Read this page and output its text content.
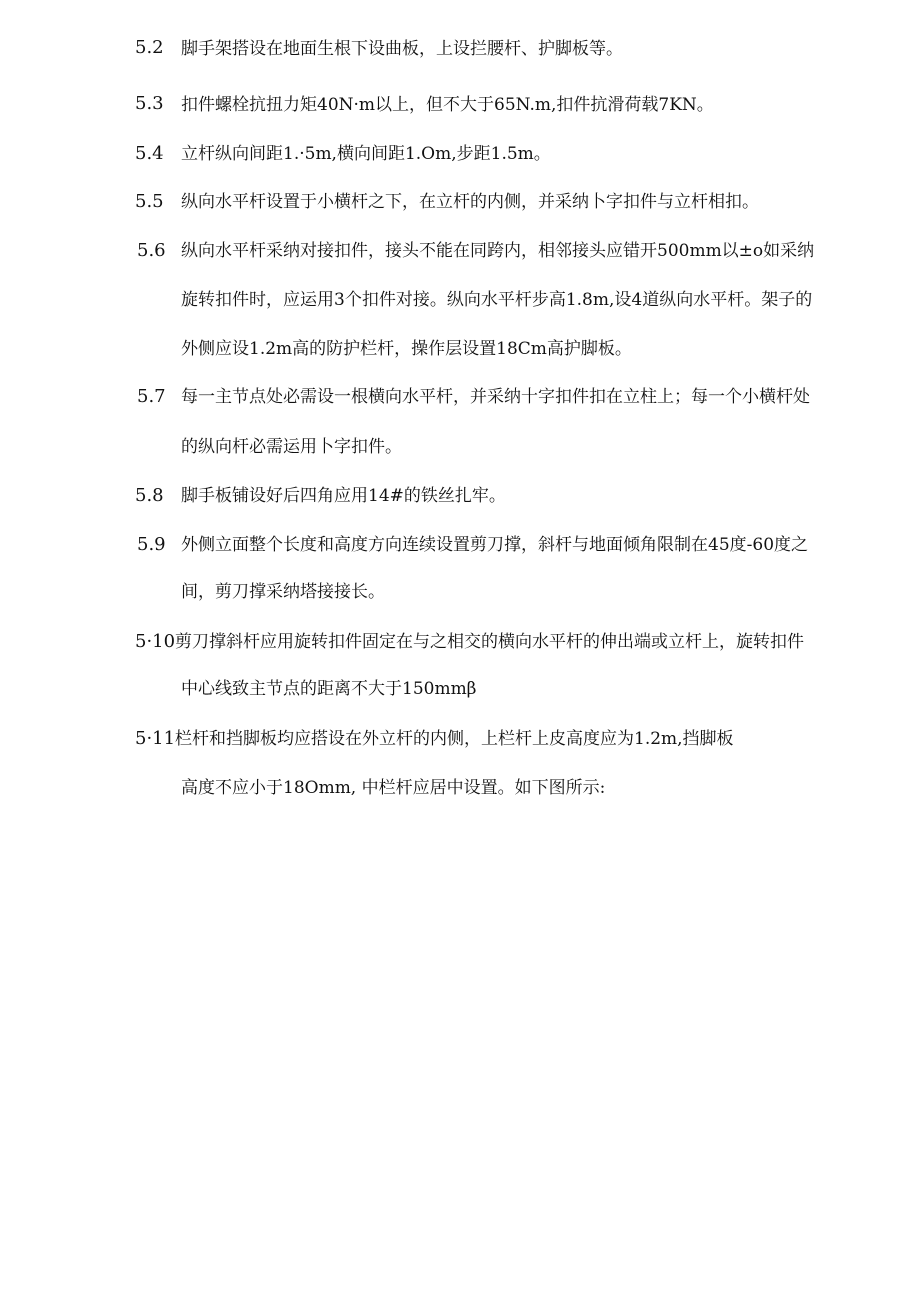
5.2 脚手架搭设在地面生根下设曲板，上设拦腰杆、护脚板等。
5.3 扣件螺栓抗扭力矩40N·m以上，但不大于65N.m,扣件抗滑荷载7KN。
5.4 立杆纵向间距1.·5m,横向间距1.Om,步距1.5m。
5.5 纵向水平杆设置于小横杆之下，在立杆的内侧，并采纳卜字扣件与立杆相扣。
5.6 纵向水平杆采纳对接扣件，接头不能在同跨内，相邻接头应错开500mm以±o如采纳
旋转扣件时，应运用3个扣件对接。纵向水平杆步高1.8m,设4道纵向水平杆。架子的
外侧应设1.2m高的防护栏杆，操作层设置18Cm高护脚板。
5.7 每一主节点处必需设一根横向水平杆，并采纳十字扣件扣在立柱上；每一个小横杆处
的纵向杆必需运用卜字扣件。
5.8 脚手板铺设好后四角应用14#的铁丝扎牢。
5.9 外侧立面整个长度和高度方向连续设置剪刀撑，斜杆与地面倾角限制在45度-60度之
间，剪刀撑采纳塔接接长。
5·10 剪刀撑斜杆应用旋转扣件固定在与之相交的横向水平杆的伸出端或立杆上，旋转扣件
中心线致主节点的距离不大于150mmβ
5·11 栏杆和挡脚板均应搭设在外立杆的内侧，上栏杆上皮高度应为1.2m,挡脚板
高度不应小于18Omm, 中栏杆应居中设置。如下图所示:
